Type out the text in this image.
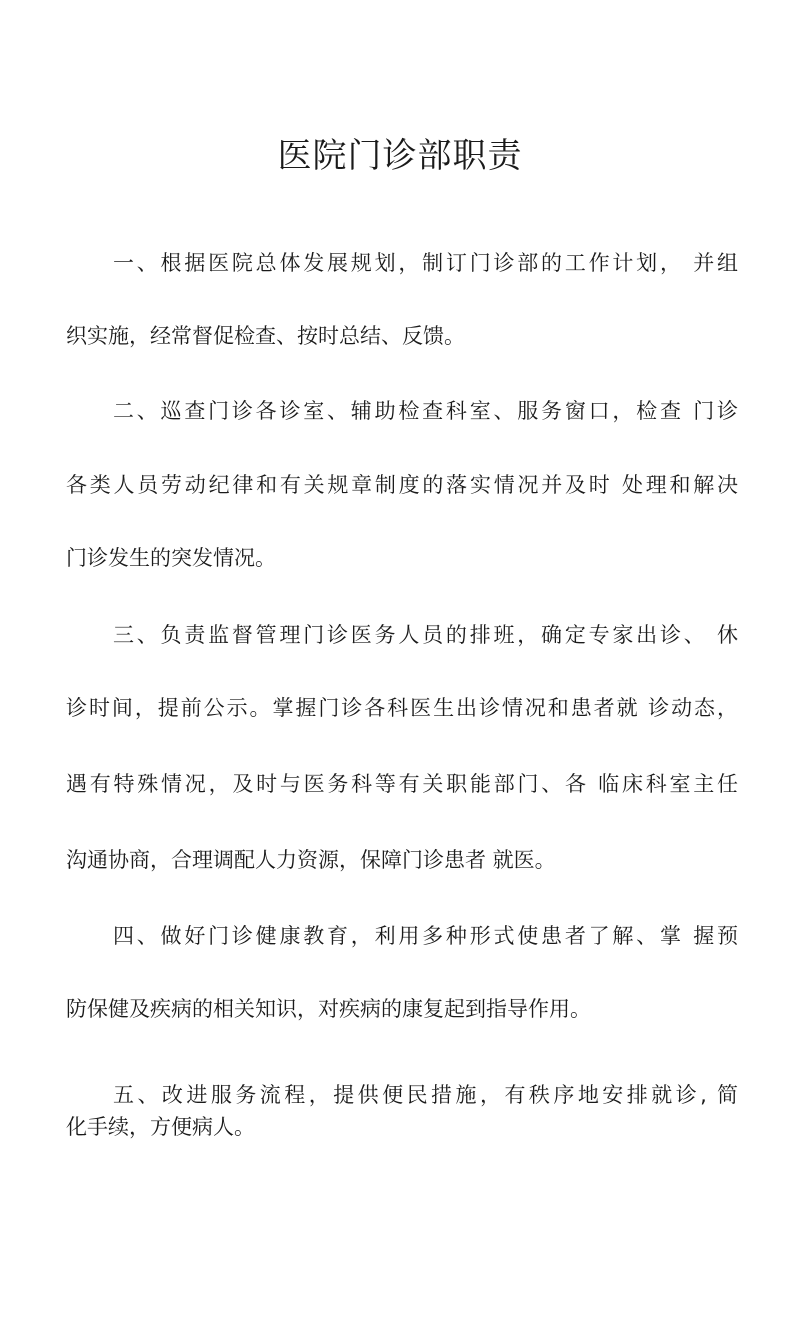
医院门诊部职责

一、根据医院总体发展规划，制订门诊部的工作计划， 并组

织实施，经常督促检查、按时总结、反馈。

二、巡查门诊各诊室、辅助检查科室、服务窗口，检查 门诊

各类人员劳动纪律和有关规章制度的落实情况并及时 处理和解决

门诊发生的突发情况。

三、负责监督管理门诊医务人员的排班，确定专家出诊、 休

诊时间，提前公示。掌握门诊各科医生出诊情况和患者就 诊动态，

遇有特殊情况，及时与医务科等有关职能部门、各 临床科室主任

沟通协商，合理调配人力资源，保障门诊患者 就医。

四、做好门诊健康教育，利用多种形式使患者了解、掌 握预

防保健及疾病的相关知识，对疾病的康复起到指导作用。

五、改进服务流程，提供便民措施，有秩序地安排就诊, 简

化手续，方便病人。
